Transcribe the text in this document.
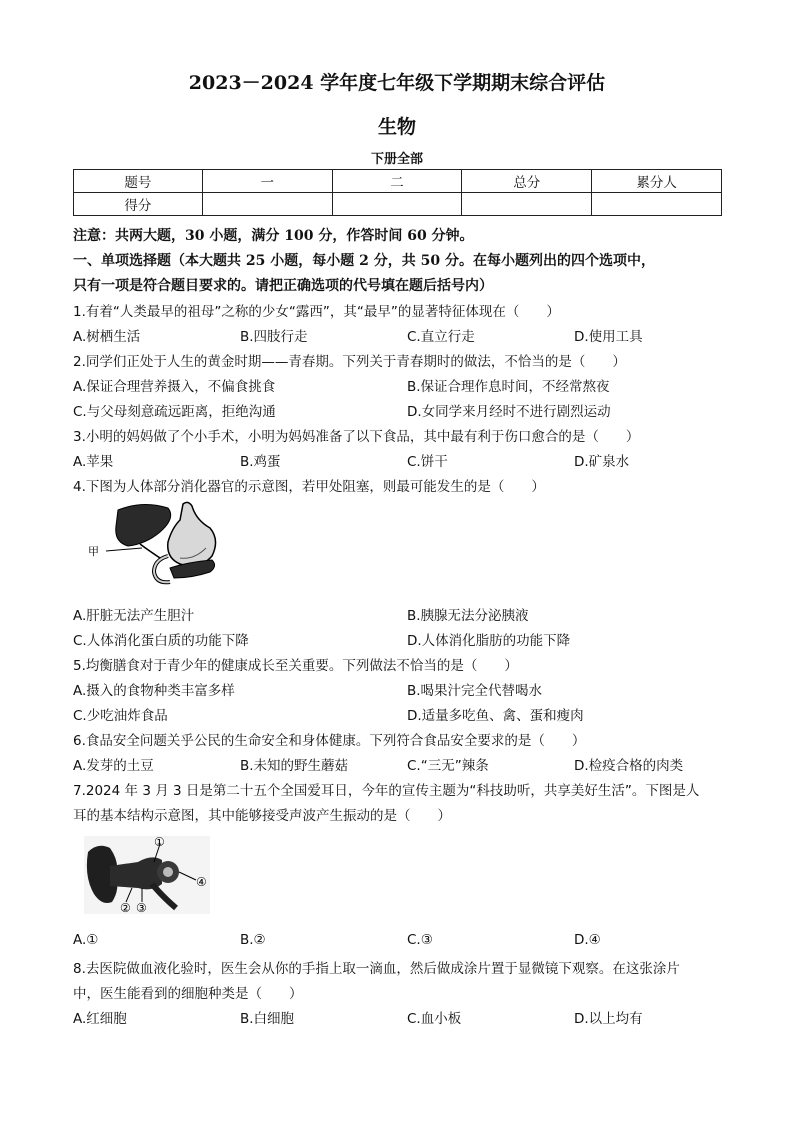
2023－2024 学年度七年级下学期期末综合评估
生物
下册全部
题号	一	二	总分	累分人
得分				
注意：共两大题，30 小题，满分 100 分，作答时间 60 分钟。
一、单项选择题（本大题共 25 小题，每小题 2 分，共 50 分。在每小题列出的四个选项中，
只有一项是符合题目要求的。请把正确选项的代号填在题后括号内）
1.有着“人类最早的祖母”之称的少女“露西”，其“最早”的显著特征体现在（　　）
A.树栖生活	B.四肢行走	C.直立行走	D.使用工具
2.同学们正处于人生的黄金时期——青春期。下列关于青春期时的做法，不恰当的是（　　）
A.保证合理营养摄入，不偏食挑食	B.保证合理作息时间，不经常熬夜
C.与父母刻意疏远距离，拒绝沟通	D.女同学来月经时不进行剧烈运动
3.小明的妈妈做了个小手术，小明为妈妈准备了以下食品，其中最有利于伤口愈合的是（　　）
A.苹果	B.鸡蛋	C.饼干	D.矿泉水
4.下图为人体部分消化器官的示意图，若甲处阻塞，则最可能发生的是（　　）
甲
A.肝脏无法产生胆汁	B.胰腺无法分泌胰液
C.人体消化蛋白质的功能下降	D.人体消化脂肪的功能下降
5.均衡膳食对于青少年的健康成长至关重要。下列做法不恰当的是（　　）
A.摄入的食物种类丰富多样	B.喝果汁完全代替喝水
C.少吃油炸食品	D.适量多吃鱼、禽、蛋和瘦肉
6.食品安全问题关乎公民的生命安全和身体健康。下列符合食品安全要求的是（　　）
A.发芽的土豆	B.未知的野生蘑菇	C.“三无”辣条	D.检疫合格的肉类
7.2024 年 3 月 3 日是第二十五个全国爱耳日，今年的宣传主题为“科技助听，共享美好生活”。下图是人
耳的基本结构示意图，其中能够接受声波产生振动的是（　　）
①
④
② ③
A.①	B.②	C.③	D.④
8.去医院做血液化验时，医生会从你的手指上取一滴血，然后做成涂片置于显微镜下观察。在这张涂片
中，医生能看到的细胞种类是（　　）
A.红细胞	B.白细胞	C.血小板	D.以上均有
